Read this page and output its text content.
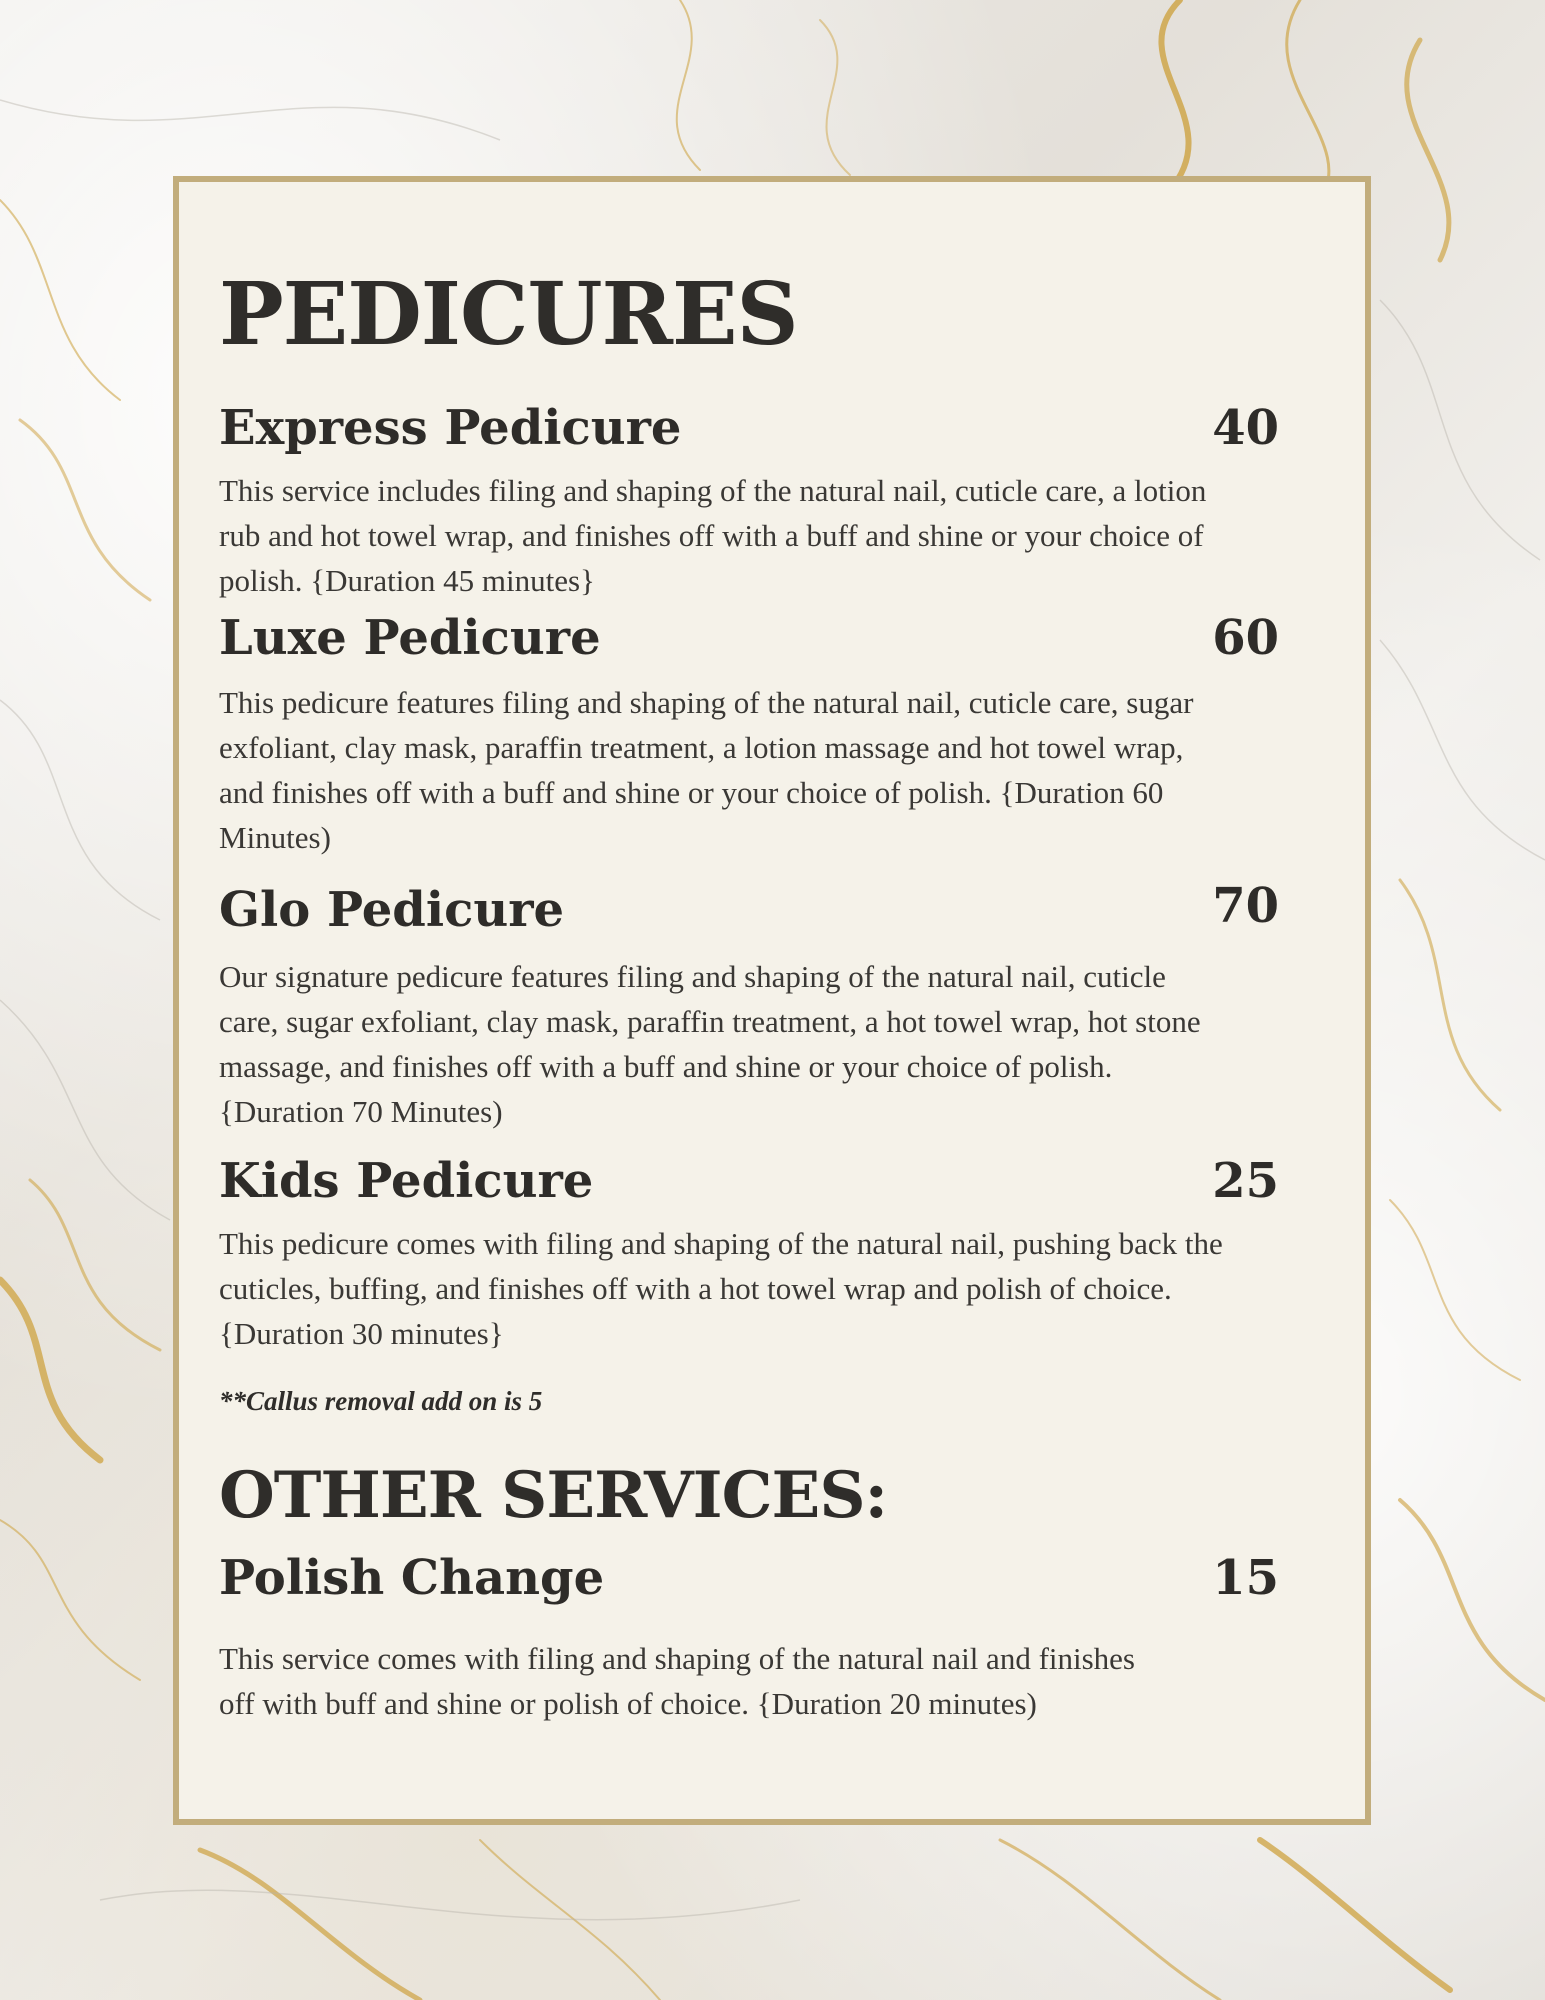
PEDICURES
Express Pedicure	40
This service includes filing and shaping of the natural nail, cuticle care, a lotion rub and hot towel wrap, and finishes off with a buff and shine or your choice of polish. {Duration 45 minutes}
Luxe Pedicure	60
This pedicure features filing and shaping of the natural nail, cuticle care, sugar exfoliant, clay mask, paraffin treatment, a lotion massage and hot towel wrap, and finishes off with a buff and shine or your choice of polish. {Duration 60 Minutes)
Glo Pedicure	70
Our signature pedicure features filing and shaping of the natural nail, cuticle care, sugar exfoliant, clay mask, paraffin treatment, a hot towel wrap, hot stone massage, and finishes off with a buff and shine or your choice of polish. {Duration 70 Minutes)
Kids Pedicure	25
This pedicure comes with filing and shaping of the natural nail, pushing back the cuticles, buffing, and finishes off with a hot towel wrap and polish of choice. {Duration 30 minutes}
**Callus removal add on is 5
OTHER SERVICES:
Polish Change	15
This service comes with filing and shaping of the natural nail and finishes off with buff and shine or polish of choice. {Duration 20 minutes)
